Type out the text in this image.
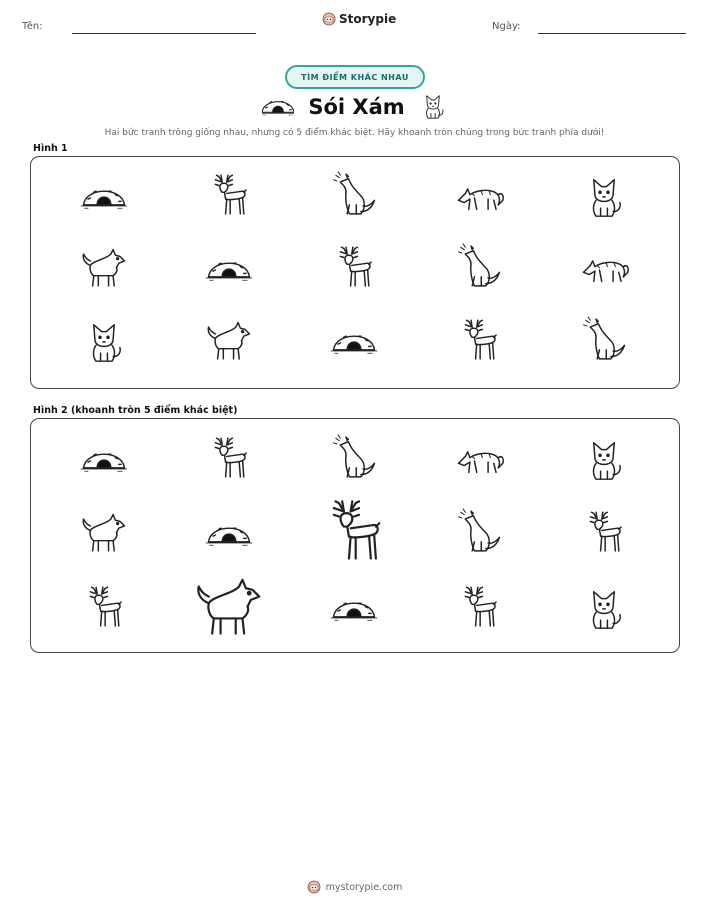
Tên:	Ngày:
Storypie
TÌM ĐIỂM KHÁC NHAU
Sói Xám
Hai bức tranh trông giống nhau, nhưng có 5 điểm khác biệt. Hãy khoanh tròn chúng trong bức tranh phía dưới!
Hình 1
Hình 2 (khoanh tròn 5 điểm khác biệt)
mystorypie.com
